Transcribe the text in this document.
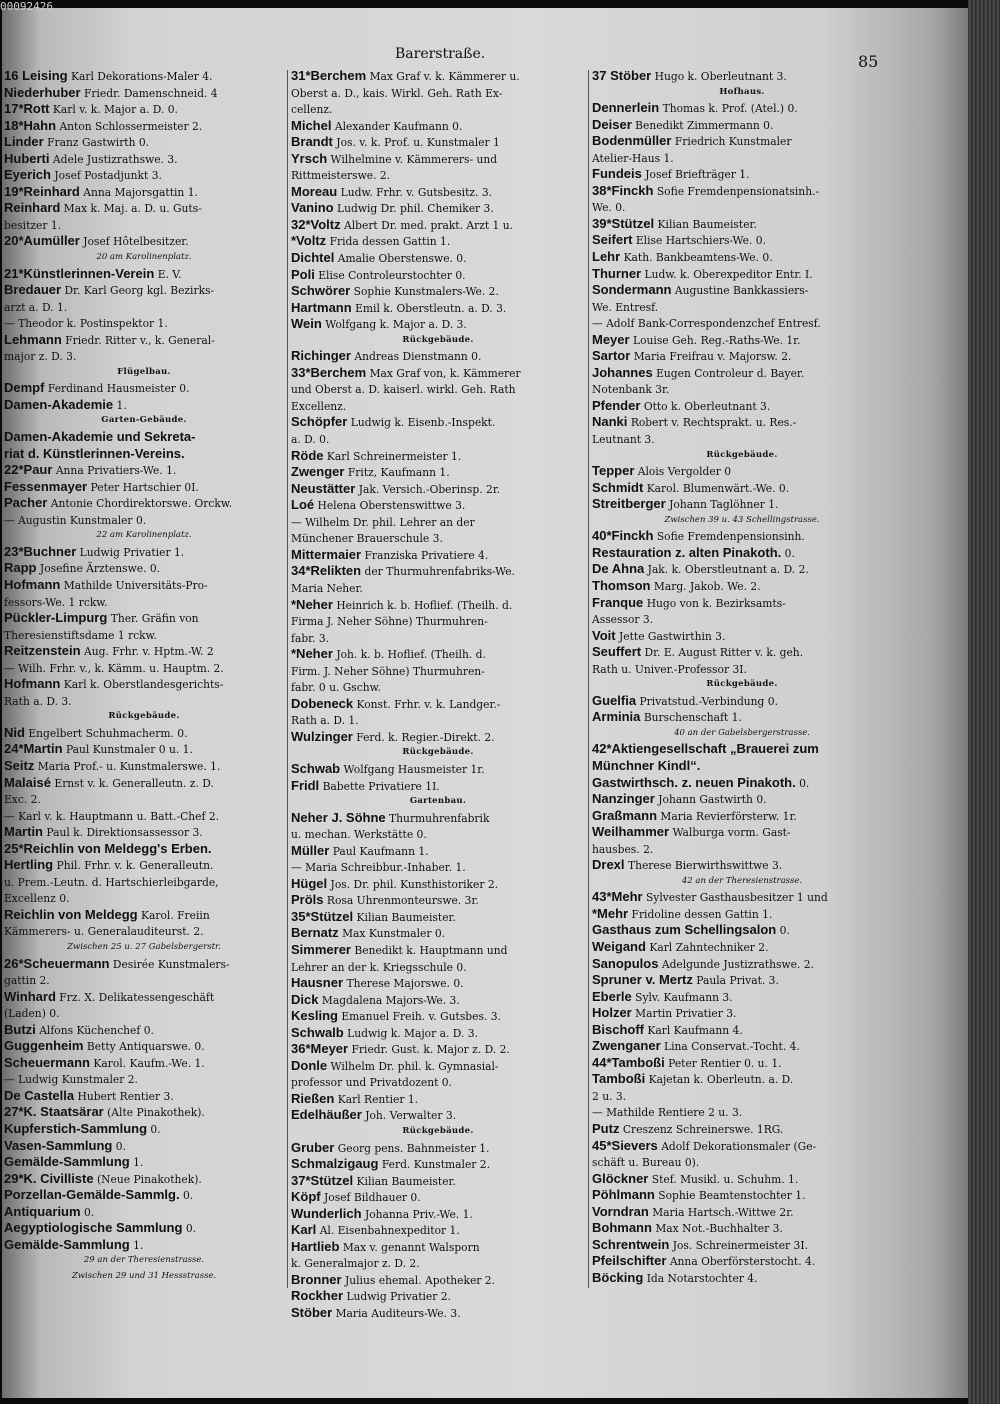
00092426
Barerstraße.	85
16 Leising Karl Dekorations-Maler 4.
Niederhuber Friedr. Damenschneid. 4
17*Rott Karl v. k. Major a. D. 0.
18*Hahn Anton Schlossermeister 2.
Linder Franz Gastwirth 0.
Huberti Adele Justizrathswe. 3.
Eyerich Josef Postadjunkt 3.
19*Reinhard Anna Majorsgattin 1.
Reinhard Max k. Maj. a. D. u. Guts-
besitzer 1.
20*Aumüller Josef Hôtelbesitzer.
20 am Karolinenplatz.
21*Künstlerinnen-Verein E. V.
Bredauer Dr. Karl Georg kgl. Bezirks-
arzt a. D. 1.
— Theodor k. Postinspektor 1.
Lehmann Friedr. Ritter v., k. General-
major z. D. 3.
Flügelbau.
Dempf Ferdinand Hausmeister 0.
Damen-Akademie 1.
Garten-Gebäude.
Damen-Akademie und Sekreta-
riat d. Künstlerinnen-Vereins.
22*Paur Anna Privatiers-We. 1.
Fessenmayer Peter Hartschier 0I.
Pacher Antonie Chordirektorswe. Orckw.
— Augustin Kunstmaler 0.
22 am Karolinenplatz.
23*Buchner Ludwig Privatier 1.
Rapp Josefine Ärztenswe. 0.
Hofmann Mathilde Universitäts-Pro-
fessors-We. 1 rckw.
Pückler-Limpurg Ther. Gräfin von
Theresienstiftsdame 1 rckw.
Reitzenstein Aug. Frhr. v. Hptm.-W. 2
— Wilh. Frhr. v., k. Kämm. u. Hauptm. 2.
Hofmann Karl k. Oberstlandesgerichts-
Rath a. D. 3.
Rückgebäude.
Nid Engelbert Schuhmacherm. 0.
24*Martin Paul Kunstmaler 0 u. 1.
Seitz Maria Prof.- u. Kunstmalerswe. 1.
Malaisé Ernst v. k. Generalleutn. z. D.
Exc. 2.
— Karl v. k. Hauptmann u. Batt.-Chef 2.
Martin Paul k. Direktionsassessor 3.
25*Reichlin von Meldegg's Erben.
Hertling Phil. Frhr. v. k. Generalleutn.
u. Prem.-Leutn. d. Hartschierleibgarde,
Excellenz 0.
Reichlin von Meldegg Karol. Freiin
Kämmerers- u. Generalauditeurst. 2.
Zwischen 25 u. 27 Gabelsbergerstr.
26*Scheuermann Desirée Kunstmalers-
gattin 2.
Winhard Frz. X. Delikatessengeschäft
(Laden) 0.
Butzi Alfons Küchenchef 0.
Guggenheim Betty Antiquarswe. 0.
Scheuermann Karol. Kaufm.-We. 1.
— Ludwig Kunstmaler 2.
De Castella Hubert Rentier 3.
27*K. Staatsärar (Alte Pinakothek).
Kupferstich-Sammlung 0.
Vasen-Sammlung 0.
Gemälde-Sammlung 1.
29*K. Civilliste (Neue Pinakothek).
Porzellan-Gemälde-Sammlg. 0.
Antiquarium 0.
Aegyptiologische Sammlung 0.
Gemälde-Sammlung 1.
29 an der Theresienstrasse.
Zwischen 29 und 31 Hessstrasse.
31*Berchem Max Graf v. k. Kämmerer u.
Oberst a. D., kais. Wirkl. Geh. Rath Ex-
cellenz.
Michel Alexander Kaufmann 0.
Brandt Jos. v. k. Prof. u. Kunstmaler 1
Yrsch Wilhelmine v. Kämmerers- und
Rittmeisterswe. 2.
Moreau Ludw. Frhr. v. Gutsbesitz. 3.
Vanino Ludwig Dr. phil. Chemiker 3.
32*Voltz Albert Dr. med. prakt. Arzt 1 u.
*Voltz Frida dessen Gattin 1.
Dichtel Amalie Oberstenswe. 0.
Poli Elise Controleurstochter 0.
Schwörer Sophie Kunstmalers-We. 2.
Hartmann Emil k. Oberstleutn. a. D. 3.
Wein Wolfgang k. Major a. D. 3.
Rückgebäude.
Richinger Andreas Dienstmann 0.
33*Berchem Max Graf von, k. Kämmerer
und Oberst a. D. kaiserl. wirkl. Geh. Rath
Excellenz.
Schöpfer Ludwig k. Eisenb.-Inspekt.
a. D. 0.
Röde Karl Schreinermeister 1.
Zwenger Fritz, Kaufmann 1.
Neustätter Jak. Versich.-Oberinsp. 2r.
Loé Helena Oberstenswittwe 3.
— Wilhelm Dr. phil. Lehrer an der
Münchener Brauerschule 3.
Mittermaier Franziska Privatiere 4.
34*Relikten der Thurmuhrenfabriks-We.
Maria Neher.
*Neher Heinrich k. b. Hoflief. (Theilh. d.
Firma J. Neher Söhne) Thurmuhren-
fabr. 3.
*Neher Joh. k. b. Hoflief. (Theilh. d.
Firm. J. Neher Söhne) Thurmuhren-
fabr. 0 u. Gschw.
Dobeneck Konst. Frhr. v. k. Landger.-
Rath a. D. 1.
Wulzinger Ferd. k. Regier.-Direkt. 2.
Rückgebäude.
Schwab Wolfgang Hausmeister 1r.
Fridl Babette Privatiere 1I.
Gartenbau.
Neher J. Söhne Thurmuhrenfabrik
u. mechan. Werkstätte 0.
Müller Paul Kaufmann 1.
— Maria Schreibbur.-Inhaber. 1.
Hügel Jos. Dr. phil. Kunsthistoriker 2.
Pröls Rosa Uhrenmonteurswe. 3r.
35*Stützel Kilian Baumeister.
Bernatz Max Kunstmaler 0.
Simmerer Benedikt k. Hauptmann und
Lehrer an der k. Kriegsschule 0.
Hausner Therese Majorswe. 0.
Dick Magdalena Majors-We. 3.
Kesling Emanuel Freih. v. Gutsbes. 3.
Schwalb Ludwig k. Major a. D. 3.
36*Meyer Friedr. Gust. k. Major z. D. 2.
Donle Wilhelm Dr. phil. k. Gymnasial-
professor und Privatdozent 0.
Rießen Karl Rentier 1.
Edelhäußer Joh. Verwalter 3.
Rückgebäude.
Gruber Georg pens. Bahnmeister 1.
Schmalzigaug Ferd. Kunstmaler 2.
37*Stützel Kilian Baumeister.
Köpf Josef Bildhauer 0.
Wunderlich Johanna Priv.-We. 1.
Karl Al. Eisenbahnexpeditor 1.
Hartlieb Max v. genannt Walsporn
k. Generalmajor z. D. 2.
Bronner Julius ehemal. Apotheker 2.
Rockher Ludwig Privatier 2.
Stöber Maria Auditeurs-We. 3.
37 Stöber Hugo k. Oberleutnant 3.
Hofhaus.
Dennerlein Thomas k. Prof. (Atel.) 0.
Deiser Benedikt Zimmermann 0.
Bodenmüller Friedrich Kunstmaler
Atelier-Haus 1.
Fundeis Josef Briefträger 1.
38*Finckh Sofie Fremdenpensionatsinh.-
We. 0.
39*Stützel Kilian Baumeister.
Seifert Elise Hartschiers-We. 0.
Lehr Kath. Bankbeamtens-We. 0.
Thurner Ludw. k. Oberexpeditor Entr. I.
Sondermann Augustine Bankkassiers-
We. Entresf.
— Adolf Bank-Correspondenzchef Entresf.
Meyer Louise Geh. Reg.-Raths-We. 1r.
Sartor Maria Freifrau v. Majorsw. 2.
Johannes Eugen Controleur d. Bayer.
Notenbank 3r.
Pfender Otto k. Oberleutnant 3.
Nanki Robert v. Rechtsprakt. u. Res.-
Leutnant 3.
Rückgebäude.
Tepper Alois Vergolder 0
Schmidt Karol. Blumenwärt.-We. 0.
Streitberger Johann Taglöhner 1.
Zwischen 39 u. 43 Schellingstrasse.
40*Finckh Sofie Fremdenpensionsinh.
Restauration z. alten Pinakoth. 0.
De Ahna Jak. k. Oberstleutnant a. D. 2.
Thomson Marg. Jakob. We. 2.
Franque Hugo von k. Bezirksamts-
Assessor 3.
Voit Jette Gastwirthin 3.
Seuffert Dr. E. August Ritter v. k. geh.
Rath u. Univer.-Professor 3I.
Rückgebäude.
Guelfia Privatstud.-Verbindung 0.
Arminia Burschenschaft 1.
40 an der Gabelsbergerstrasse.
42*Aktiengesellschaft „Brauerei zum
Münchner Kindl“.
Gastwirthsch. z. neuen Pinakoth. 0.
Nanzinger Johann Gastwirth 0.
Graßmann Maria Revierförsterw. 1r.
Weilhammer Walburga vorm. Gast-
hausbes. 2.
Drexl Therese Bierwirthswittwe 3.
42 an der Theresienstrasse.
43*Mehr Sylvester Gasthausbesitzer 1 und
*Mehr Fridoline dessen Gattin 1.
Gasthaus zum Schellingsalon 0.
Weigand Karl Zahntechniker 2.
Sanopulos Adelgunde Justizrathswe. 2.
Spruner v. Mertz Paula Privat. 3.
Eberle Sylv. Kaufmann 3.
Holzer Martin Privatier 3.
Bischoff Karl Kaufmann 4.
Zwenganer Lina Conservat.-Tocht. 4.
44*Tamboßi Peter Rentier 0. u. 1.
Tamboßi Kajetan k. Oberleutn. a. D.
2 u. 3.
— Mathilde Rentiere 2 u. 3.
Putz Creszenz Schreinerswe. 1RG.
45*Sievers Adolf Dekorationsmaler (Ge-
schäft u. Bureau 0).
Glöckner Stef. Musikl. u. Schuhm. 1.
Pöhlmann Sophie Beamtenstochter 1.
Vorndran Maria Hartsch.-Wittwe 2r.
Bohmann Max Not.-Buchhalter 3.
Schrentwein Jos. Schreinermeister 3I.
Pfeilschifter Anna Oberförsterstocht. 4.
Böcking Ida Notarstochter 4.
